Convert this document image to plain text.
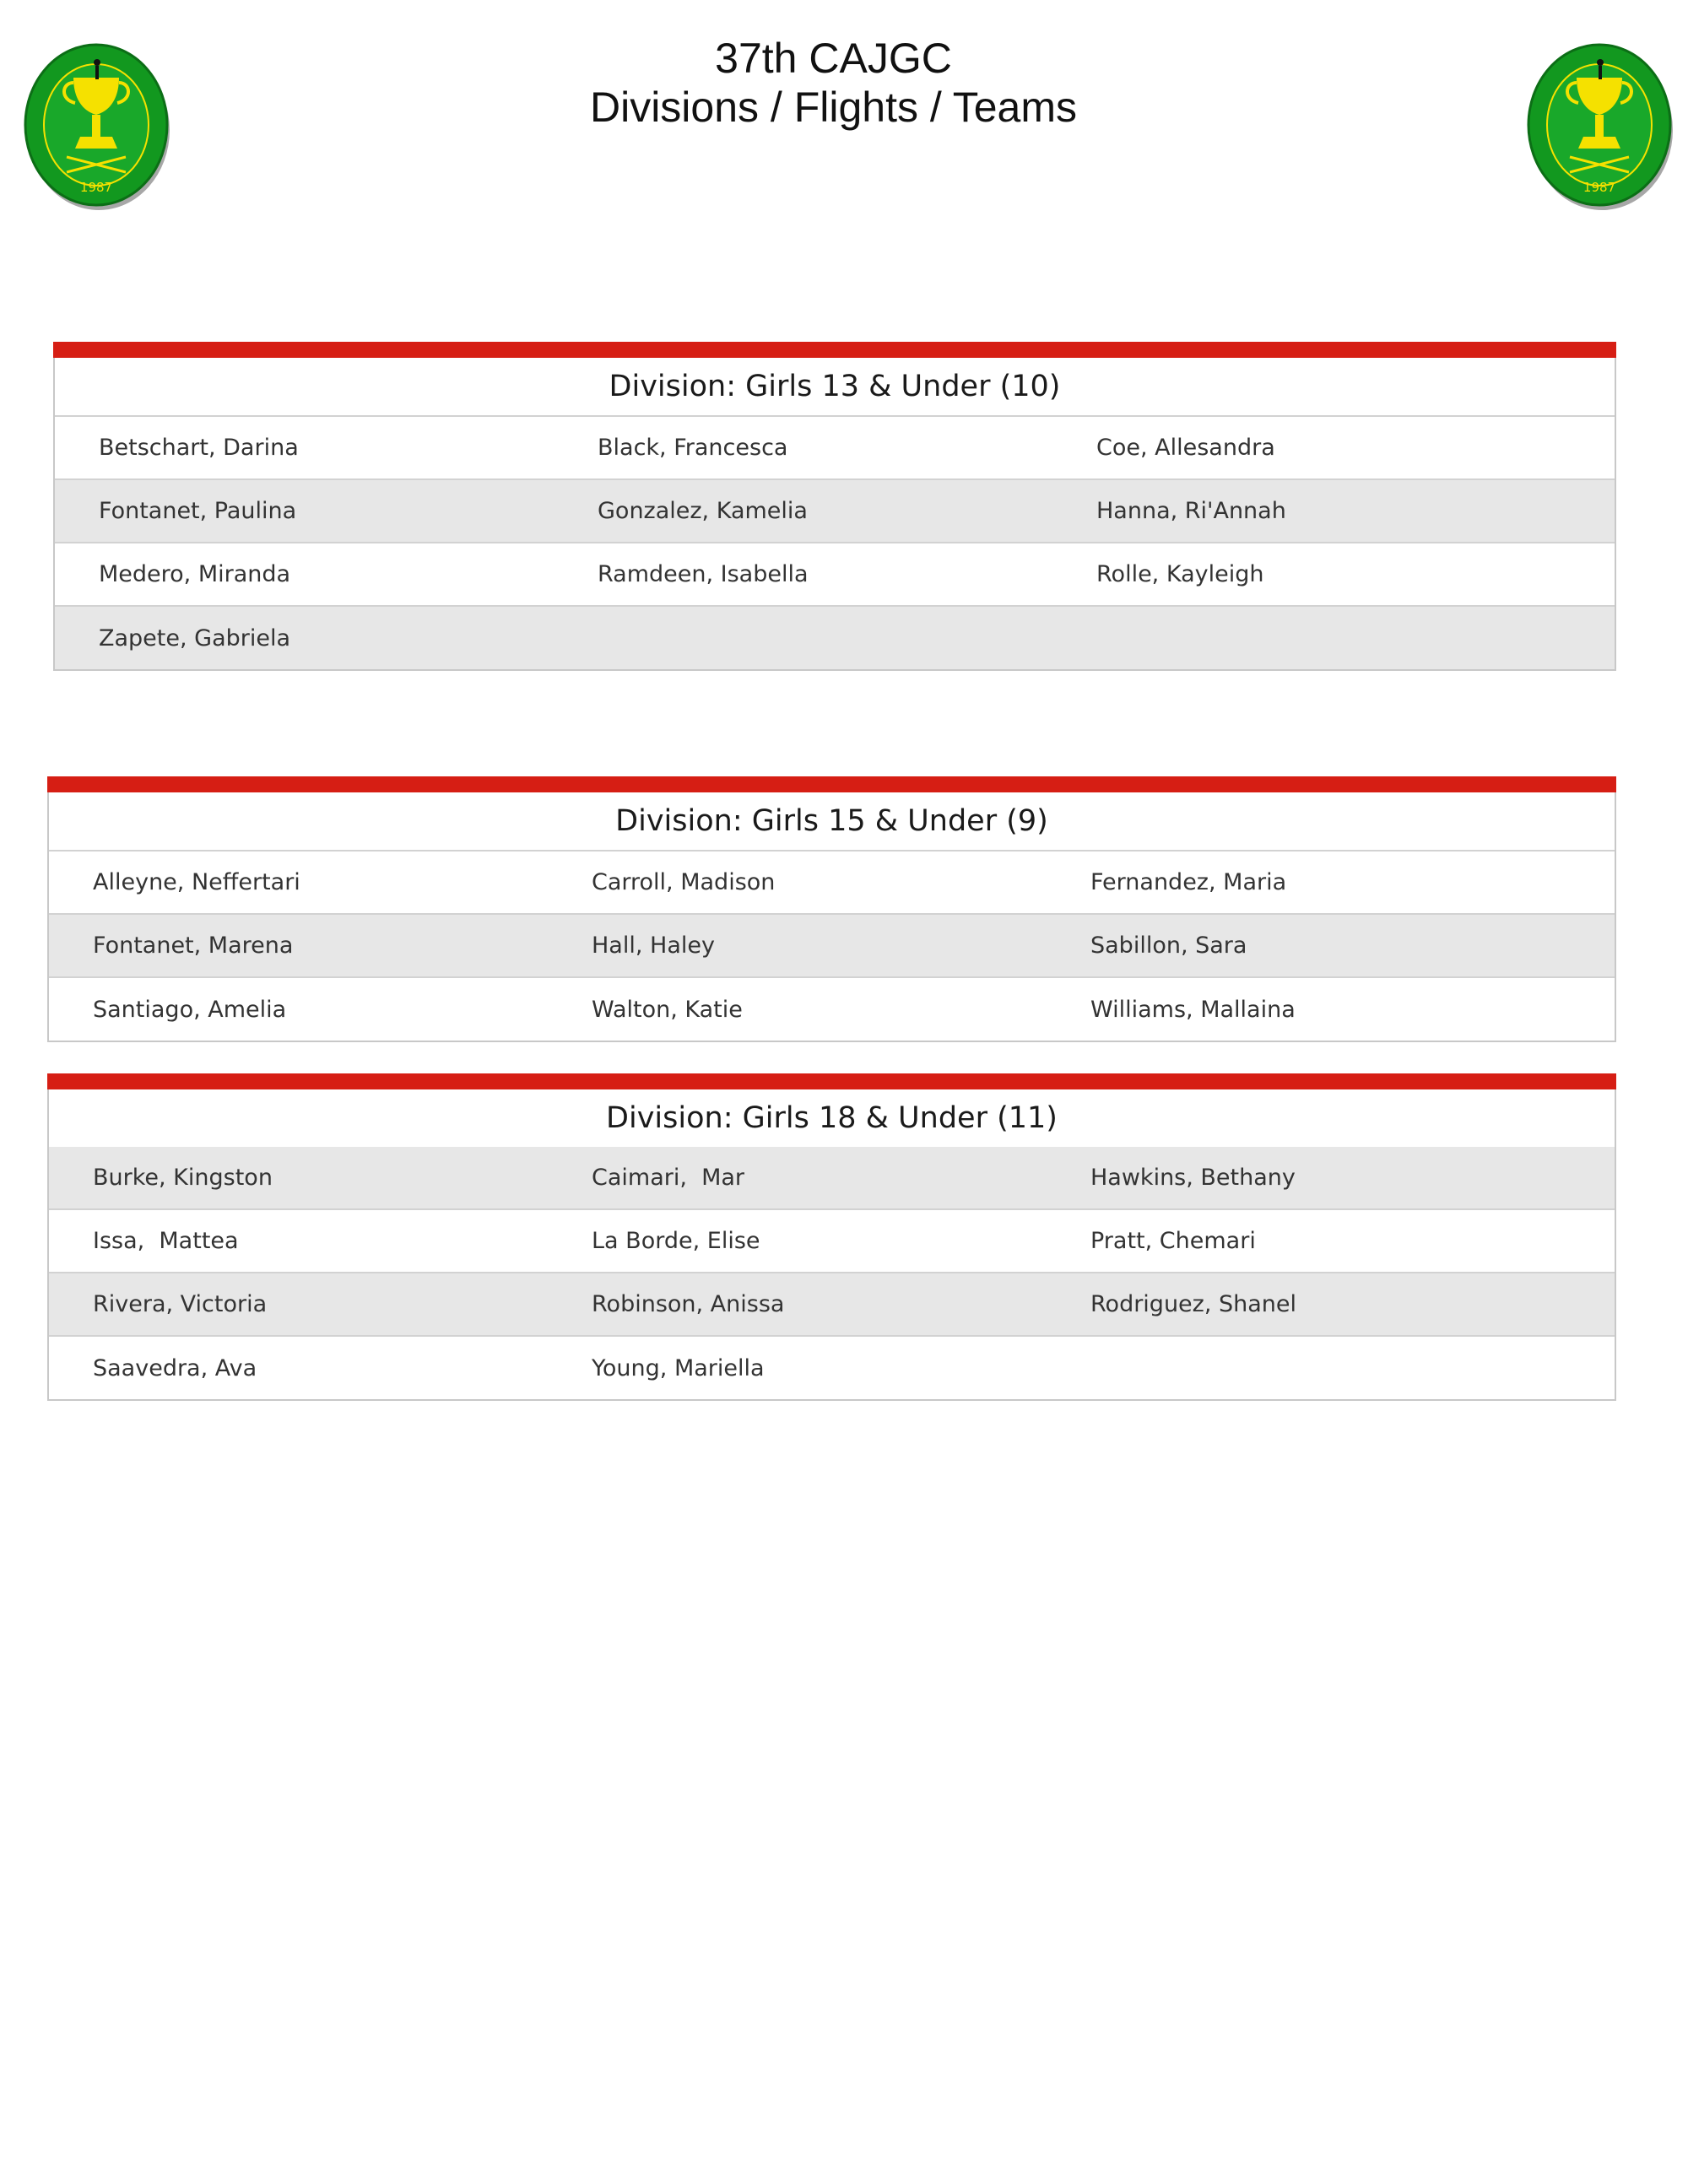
1987	1987
37th CAJGC
Divisions / Flights / Teams
Division: Girls 13 & Under (10)
Betschart, Darina	Black, Francesca	Coe, Allesandra
Fontanet, Paulina	Gonzalez, Kamelia	Hanna, Ri'Annah
Medero, Miranda	Ramdeen, Isabella	Rolle, Kayleigh
Zapete, Gabriela
Division: Girls 15 & Under (9)
Alleyne, Neffertari	Carroll, Madison	Fernandez, Maria
Fontanet, Marena	Hall, Haley	Sabillon, Sara
Santiago, Amelia	Walton, Katie	Williams, Mallaina
Division: Girls 18 & Under (11)
Burke, Kingston	Caimari,  Mar	Hawkins, Bethany
Issa,  Mattea	La Borde, Elise	Pratt, Chemari
Rivera, Victoria	Robinson, Anissa	Rodriguez, Shanel
Saavedra, Ava	Young, Mariella
